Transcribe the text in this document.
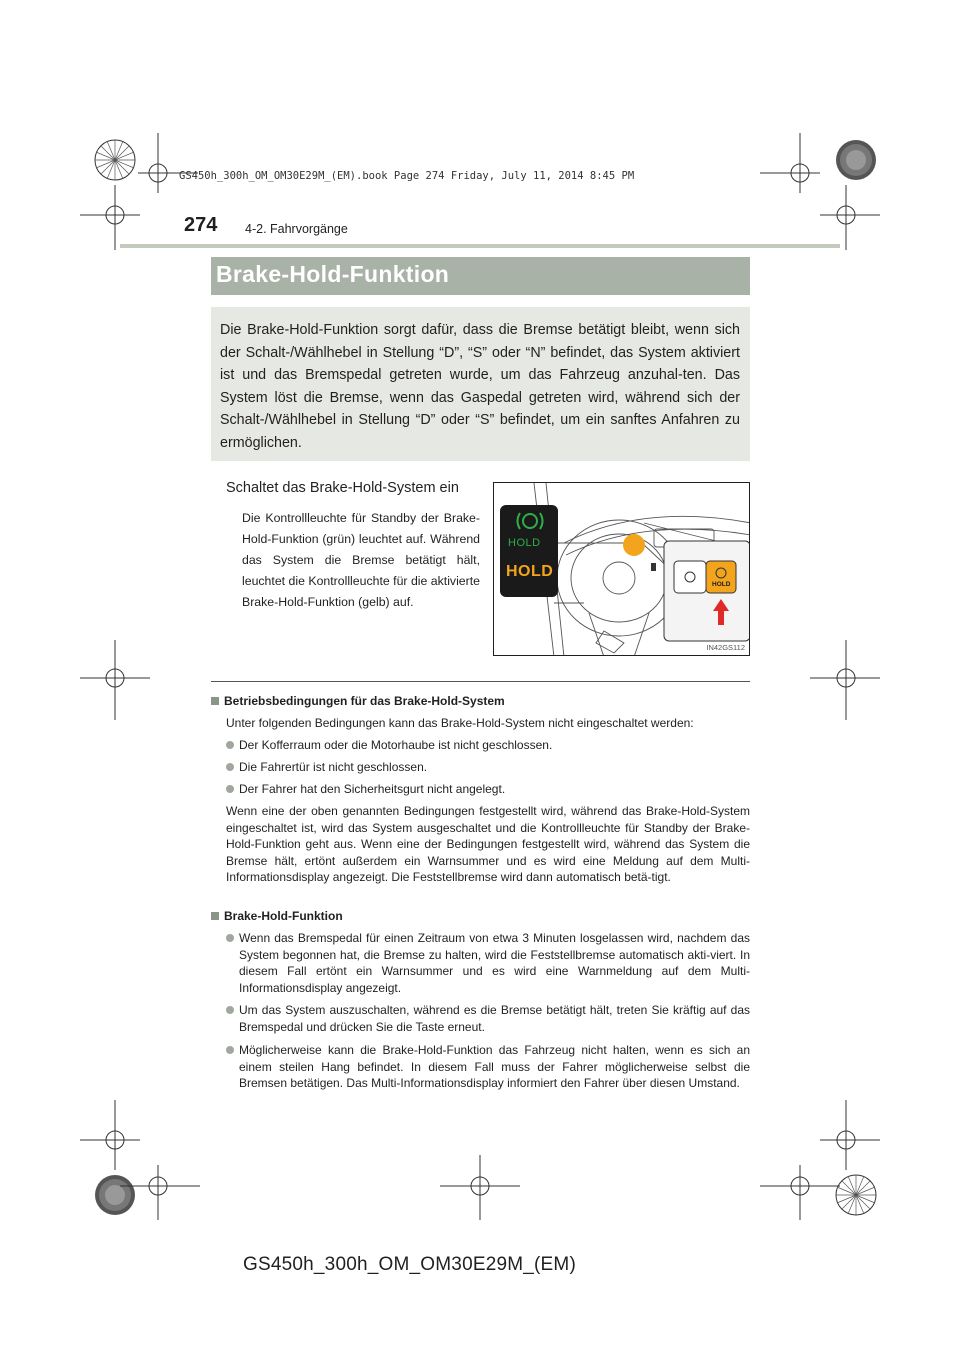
GS450h_300h_OM_OM30E29M_(EM).book Page 274 Friday, July 11, 2014 8:45 PM
274 4-2. Fahrvorgänge
Brake-Hold-Funktion
Die Brake-Hold-Funktion sorgt dafür, dass die Bremse betätigt bleibt, wenn sich der Schalt-/Wählhebel in Stellung “D”, “S” oder “N” befindet, das System aktiviert ist und das Bremspedal getreten wurde, um das Fahrzeug anzuhal-ten. Das System löst die Bremse, wenn das Gaspedal getreten wird, während sich der Schalt-/Wählhebel in Stellung “D” oder “S” befindet, um ein sanftes Anfahren zu ermöglichen.
Schaltet das Brake-Hold-System ein
Die Kontrollleuchte für Standby der Brake-Hold-Funktion (grün) leuchtet auf. Während das System die Bremse betätigt hält, leuchtet die Kontrollleuchte für die aktivierte Brake-Hold-Funktion (gelb) auf.
HOLD
HOLD
HOLD
IN42GS112
Betriebsbedingungen für das Brake-Hold-System
Unter folgenden Bedingungen kann das Brake-Hold-System nicht eingeschaltet werden:
Der Kofferraum oder die Motorhaube ist nicht geschlossen.
Die Fahrertür ist nicht geschlossen.
Der Fahrer hat den Sicherheitsgurt nicht angelegt.
Wenn eine der oben genannten Bedingungen festgestellt wird, während das Brake-Hold-System eingeschaltet ist, wird das System ausgeschaltet und die Kontrollleuchte für Standby der Brake-Hold-Funktion geht aus. Wenn eine der Bedingungen festgestellt wird, während das System die Bremse hält, ertönt außerdem ein Warnsummer und es wird eine Meldung auf dem Multi-Informationsdisplay angezeigt. Die Feststellbremse wird dann automatisch betä-tigt.
Brake-Hold-Funktion
Wenn das Bremspedal für einen Zeitraum von etwa 3 Minuten losgelassen wird, nachdem das System begonnen hat, die Bremse zu halten, wird die Feststellbremse automatisch akti-viert. In diesem Fall ertönt ein Warnsummer und es wird eine Warnmeldung auf dem Multi-Informationsdisplay angezeigt.
Um das System auszuschalten, während es die Bremse betätigt hält, treten Sie kräftig auf das Bremspedal und drücken Sie die Taste erneut.
Möglicherweise kann die Brake-Hold-Funktion das Fahrzeug nicht halten, wenn es sich an einem steilen Hang befindet. In diesem Fall muss der Fahrer möglicherweise selbst die Bremsen betätigen. Das Multi-Informationsdisplay informiert den Fahrer über diesen Umstand.
GS450h_300h_OM_OM30E29M_(EM)
